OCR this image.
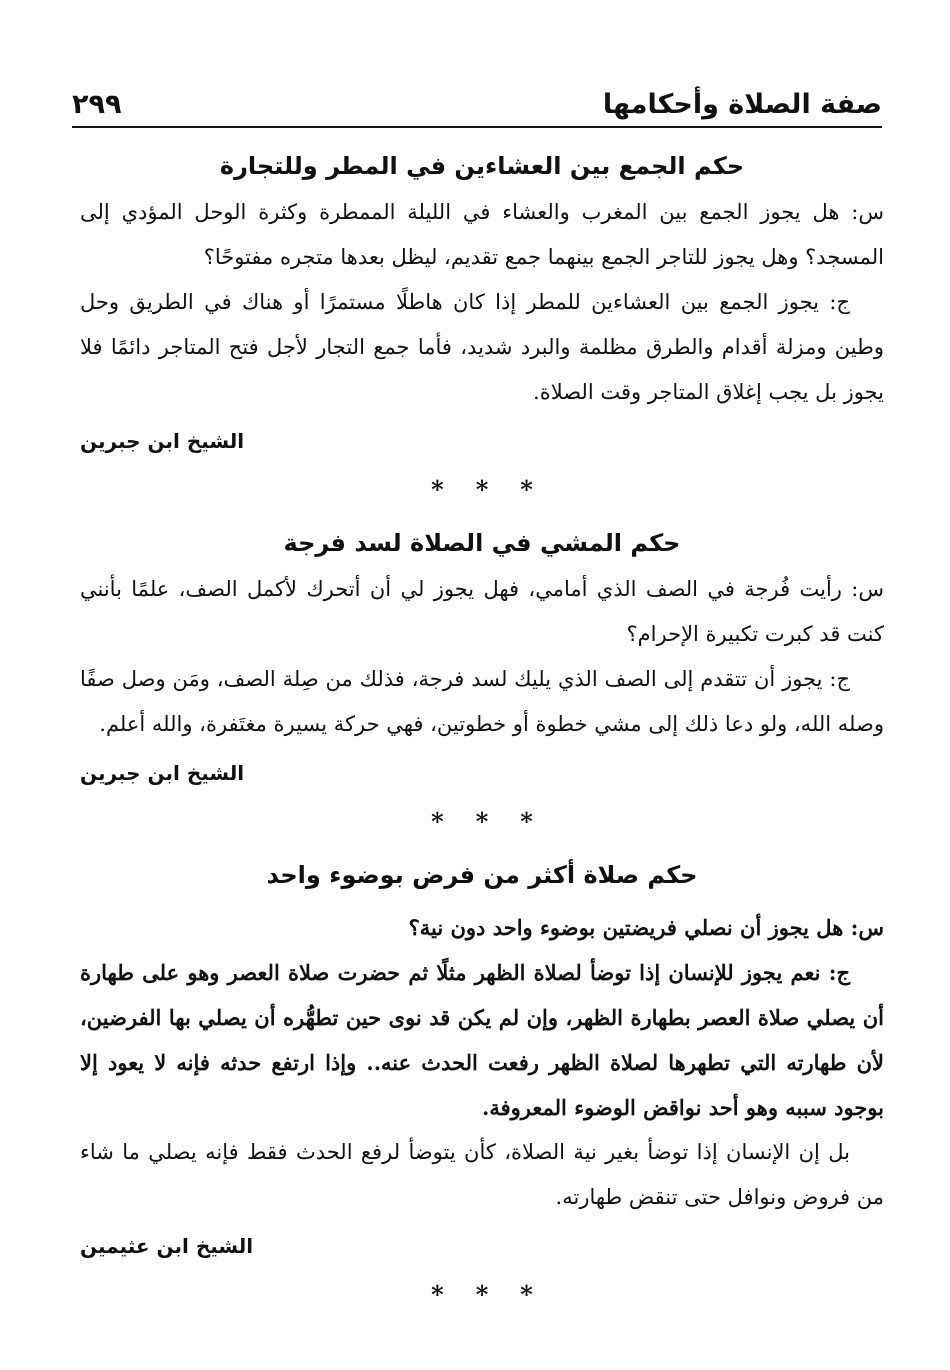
صفة الصلاة وأحكامها
٢٩٩
حكم الجمع بين العشاءين في المطر وللتجارة

س: هل يجوز الجمع بين المغرب والعشاء في الليلة الممطرة وكثرة الوحل المؤدي إلى المسجد؟ وهل يجوز للتاجر الجمع بينهما جمع تقديم، ليظل بعدها متجره مفتوحًا؟

ج: يجوز الجمع بين العشاءين للمطر إذا كان هاطلًا مستمرًا أو هناك في الطريق وحل وطين ومزلة أقدام والطرق مظلمة والبرد شديد، فأما جمع التجار لأجل فتح المتاجر دائمًا فلا يجوز بل يجب إغلاق المتاجر وقت الصلاة.

الشيخ ابن جبرين

* * *
حكم المشي في الصلاة لسد فرجة

س: رأيت فُرجة في الصف الذي أمامي، فهل يجوز لي أن أتحرك لأكمل الصف، علمًا بأنني كنت قد كبرت تكبيرة الإحرام؟

ج: يجوز أن تتقدم إلى الصف الذي يليك لسد فرجة، فذلك من صِلة الصف، ومَن وصل صفًا وصله الله، ولو دعا ذلك إلى مشي خطوة أو خطوتين، فهي حركة يسيرة مغتَفرة، والله أعلم.

الشيخ ابن جبرين

* * *
حكم صلاة أكثر من فرض بوضوء واحد

س: هل يجوز أن نصلي فريضتين بوضوء واحد دون نية؟

ج: نعم يجوز للإنسان إذا توضأ لصلاة الظهر مثلًا ثم حضرت صلاة العصر وهو على طهارة أن يصلي صلاة العصر بطهارة الظهر، وإن لم يكن قد نوى حين تطهُّره أن يصلي بها الفرضين، لأن طهارته التي تطهرها لصلاة الظهر رفعت الحدث عنه.. وإذا ارتفع حدثه فإنه لا يعود إلا بوجود سببه وهو أحد نواقض الوضوء المعروفة.

بل إن الإنسان إذا توضأ بغير نية الصلاة، كأن يتوضأ لرفع الحدث فقط فإنه يصلي ما شاء من فروض ونوافل حتى تنقض طهارته.

الشيخ ابن عثيمين

* * *
